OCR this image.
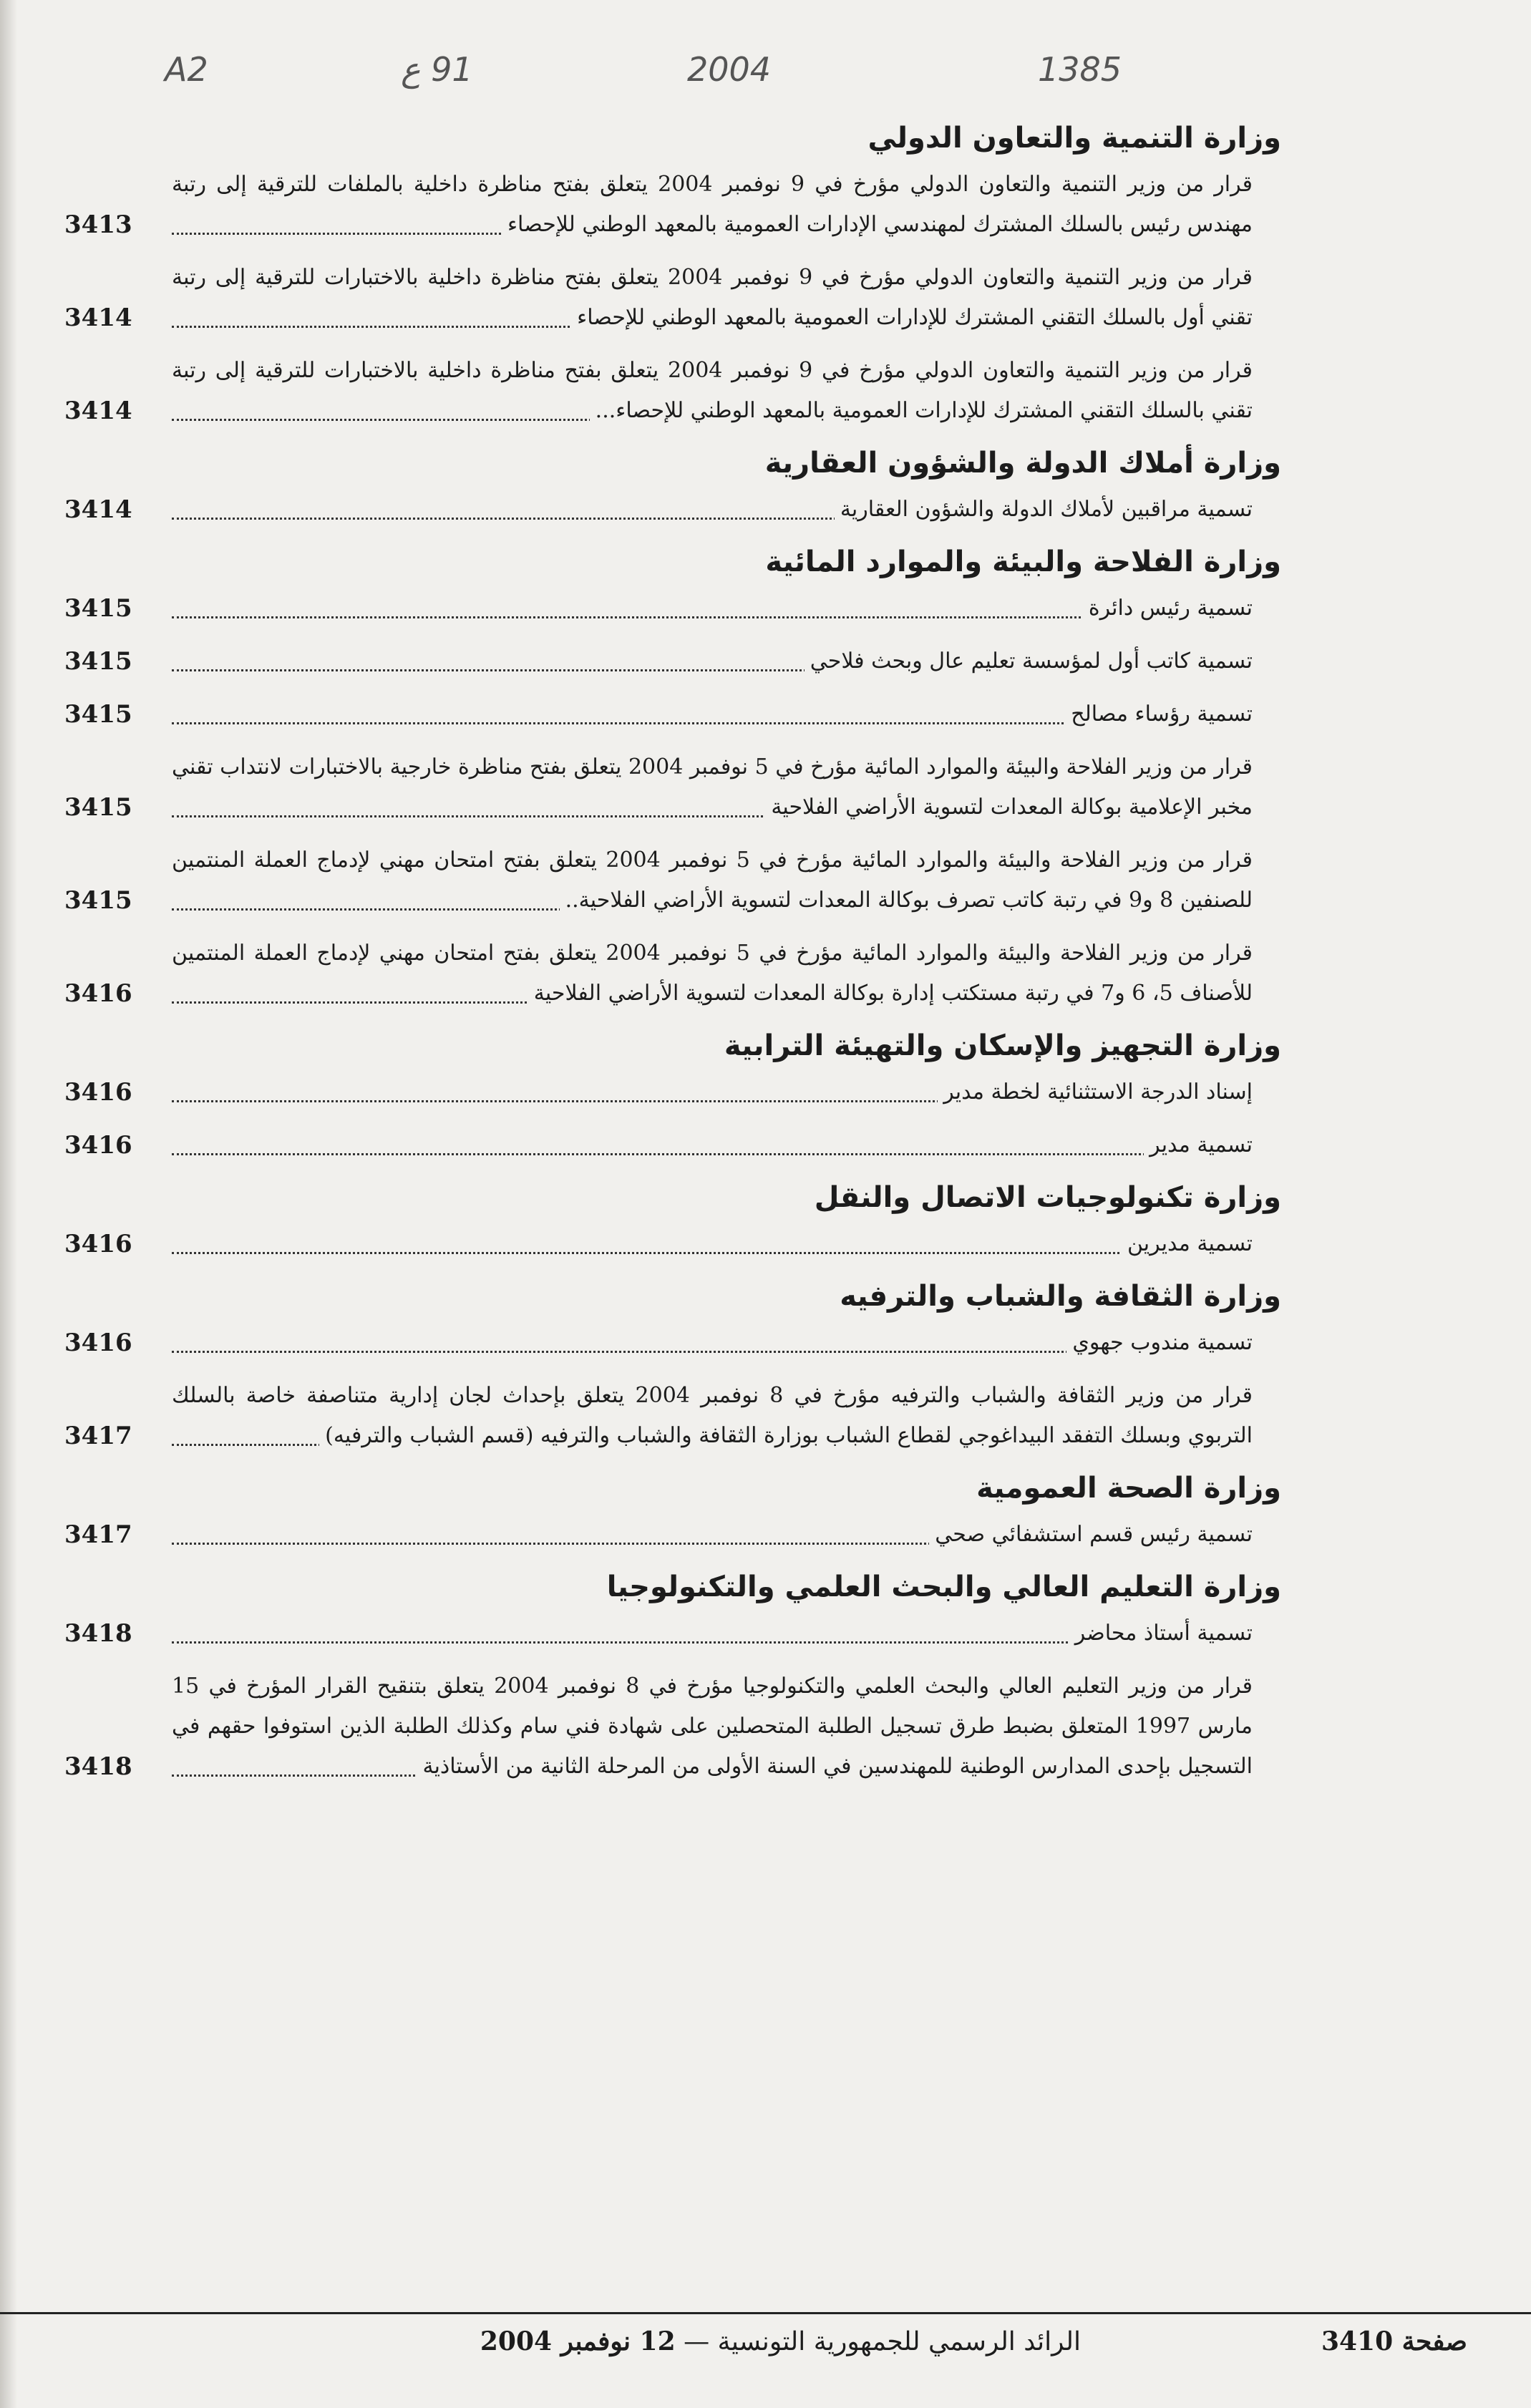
A2	91 ع	2004	1385
وزارة التنمية والتعاون الدولي
قرار من وزير التنمية والتعاون الدولي مؤرخ في 9 نوفمبر 2004 يتعلق بفتح مناظرة داخلية بالملفات للترقية إلى رتبة مهندس رئيس بالسلك المشترك لمهندسي الإدارات العمومية بالمعهد الوطني للإحصاء
3413
قرار من وزير التنمية والتعاون الدولي مؤرخ في 9 نوفمبر 2004 يتعلق بفتح مناظرة داخلية بالاختبارات للترقية إلى رتبة تقني أول بالسلك التقني المشترك للإدارات العمومية بالمعهد الوطني للإحصاء
3414
قرار من وزير التنمية والتعاون الدولي مؤرخ في 9 نوفمبر 2004 يتعلق بفتح مناظرة داخلية بالاختبارات للترقية إلى رتبة تقني بالسلك التقني المشترك للإدارات العمومية بالمعهد الوطني للإحصاء...
3414
وزارة أملاك الدولة والشؤون العقارية
تسمية مراقبين لأملاك الدولة والشؤون العقارية
3414
وزارة الفلاحة والبيئة والموارد المائية
تسمية رئيس دائرة
3415
تسمية كاتب أول لمؤسسة تعليم عال وبحث فلاحي
3415
تسمية رؤساء مصالح
3415
قرار من وزير الفلاحة والبيئة والموارد المائية مؤرخ في 5 نوفمبر 2004 يتعلق بفتح مناظرة خارجية بالاختبارات لانتداب تقني مخبر الإعلامية بوكالة المعدات لتسوية الأراضي الفلاحية
3415
قرار من وزير الفلاحة والبيئة والموارد المائية مؤرخ في 5 نوفمبر 2004 يتعلق بفتح امتحان مهني لإدماج العملة المنتمين للصنفين 8 و9 في رتبة كاتب تصرف بوكالة المعدات لتسوية الأراضي الفلاحية..
3415
قرار من وزير الفلاحة والبيئة والموارد المائية مؤرخ في 5 نوفمبر 2004 يتعلق بفتح امتحان مهني لإدماج العملة المنتمين للأصناف 5، 6 و7 في رتبة مستكتب إدارة بوكالة المعدات لتسوية الأراضي الفلاحية
3416
وزارة التجهيز والإسكان والتهيئة الترابية
إسناد الدرجة الاستثنائية لخطة مدير
3416
تسمية مدير
3416
وزارة تكنولوجيات الاتصال والنقل
تسمية مديرين
3416
وزارة الثقافة والشباب والترفيه
تسمية مندوب جهوي
3416
قرار من وزير الثقافة والشباب والترفيه مؤرخ في 8 نوفمبر 2004 يتعلق بإحداث لجان إدارية متناصفة خاصة بالسلك التربوي وبسلك التفقد البيداغوجي لقطاع الشباب بوزارة الثقافة والشباب والترفيه (قسم الشباب والترفيه)
3417
وزارة الصحة العمومية
تسمية رئيس قسم استشفائي صحي
3417
وزارة التعليم العالي والبحث العلمي والتكنولوجيا
تسمية أستاذ محاضر
3418
قرار من وزير التعليم العالي والبحث العلمي والتكنولوجيا مؤرخ في 8 نوفمبر 2004 يتعلق بتنقيح القرار المؤرخ في 15 مارس 1997 المتعلق بضبط طرق تسجيل الطلبة المتحصلين على شهادة فني سام وكذلك الطلبة الذين استوفوا حقهم في التسجيل بإحدى المدارس الوطنية للمهندسين في السنة الأولى من المرحلة الثانية من الأستاذية
3418
صفحة 3410
الرائد الرسمي للجمهورية التونسية — 12 نوفمبر 2004
